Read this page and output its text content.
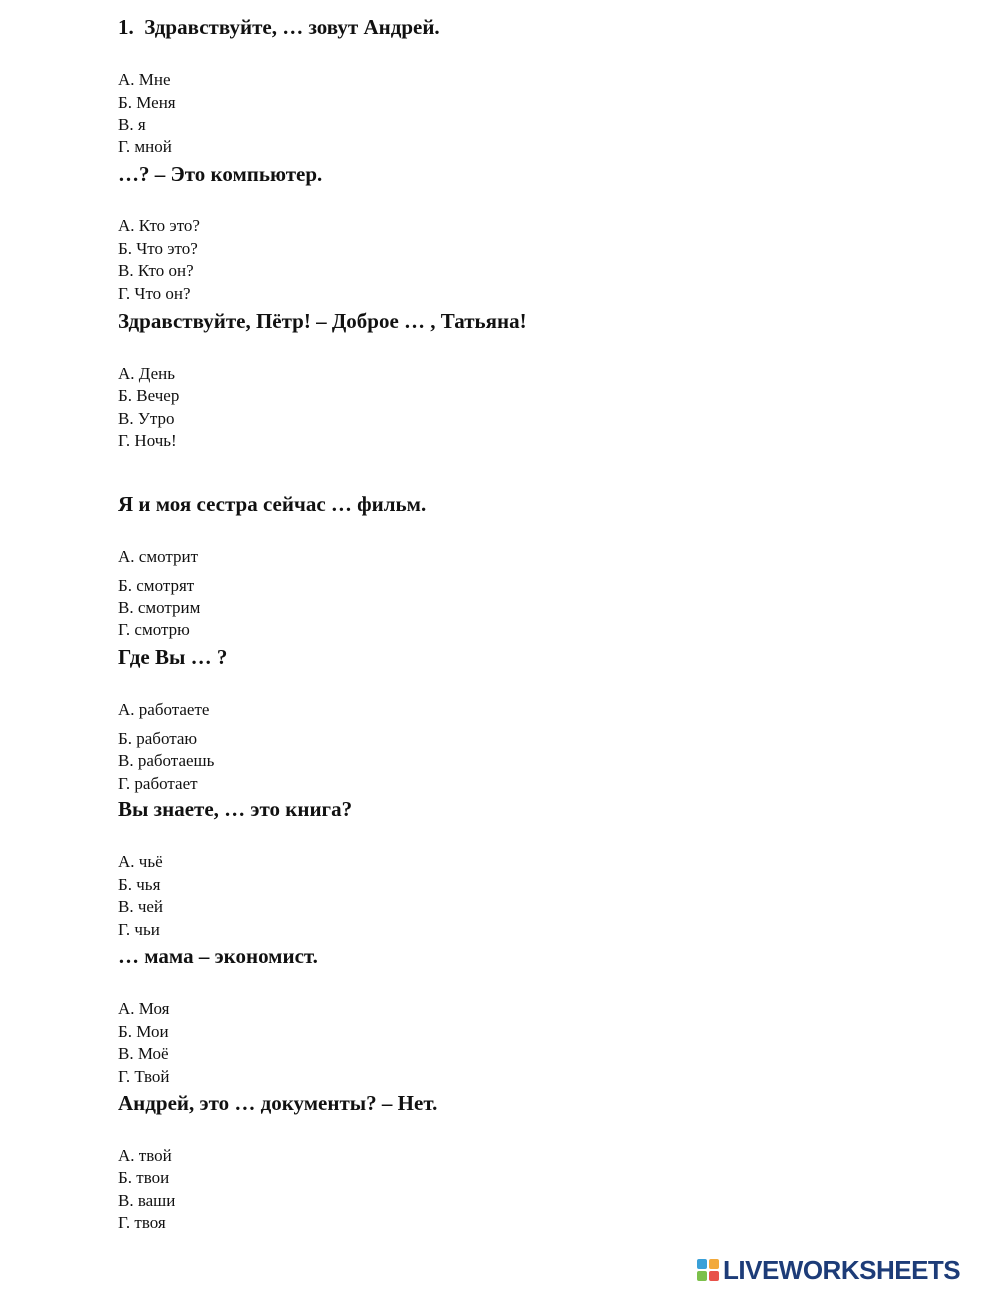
1. Здравствуйте, … зовут Андрей.
А. Мне
Б. Меня
В. я
Г. мной
…? – Это компьютер.
А. Кто это?
Б. Что это?
В. Кто он?
Г. Что он?
Здравствуйте, Пётр! – Доброе … , Татьяна!
А. День
Б. Вечер
В. Утро
Г. Ночь!
Я и моя сестра сейчас … фильм.
А. смотрит
Б. смотрят
В. смотрим
Г. смотрю
Где Вы … ?
А. работаете
Б. работаю
В. работаешь
Г. работает
Вы знаете, … это книга?
А. чьё
Б. чья
В. чей
Г. чьи
… мама – экономист.
А. Моя
Б. Мои
В. Моё
Г. Твой
Андрей, это … документы? – Нет.
А. твой
Б. твои
В. ваши
Г. твоя
LIVEWORKSHEETS
